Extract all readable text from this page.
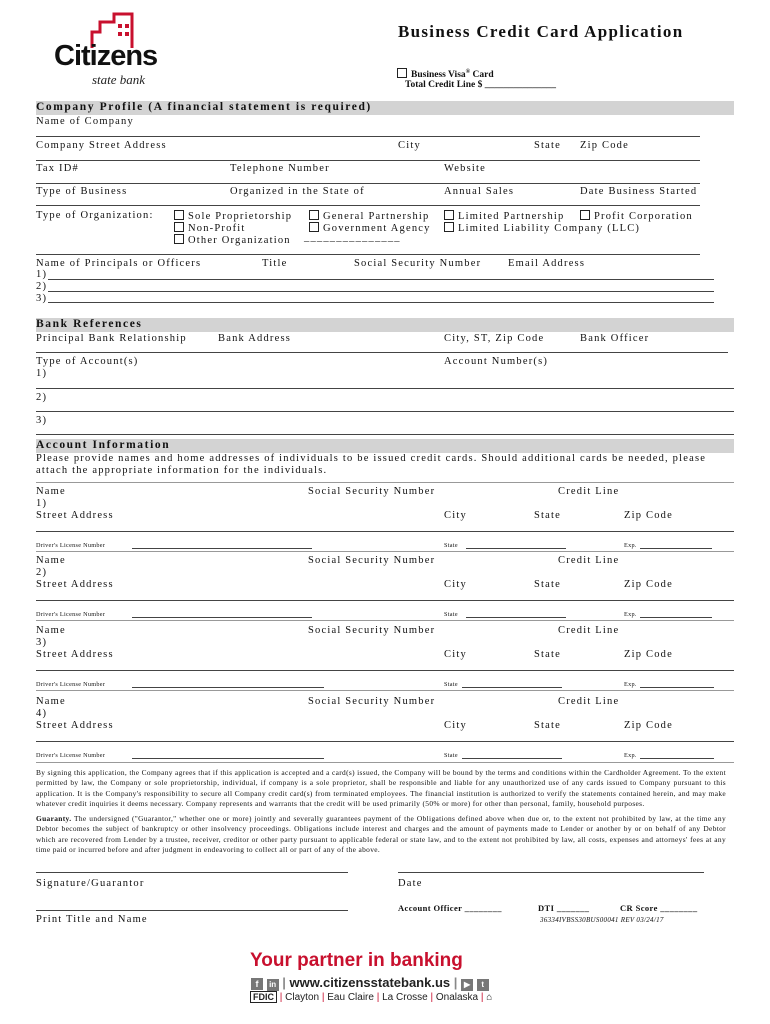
Citizens
state bank
Business Credit Card Application
Business Visa® Card
Total Credit Line $ _______________
Company Profile (A financial statement is required)
Name of Company
Company Street Address	City	State Zip Code
Tax ID#	Telephone Number	Website
Type of Business	Organized in the State of	Annual Sales	Date Business Started
Type of Organization:	Sole Proprietorship	General Partnership	Limited Partnership	Profit Corporation
Non-Profit	Government Agency	Limited Liability Company (LLC)
Other Organization _______________
Name of Principals or Officers	Title	Social Security Number	Email Address
1)
2)
3)
Bank References
Principal Bank Relationship	Bank Address	City, ST, Zip Code	Bank Officer
Type of Account(s)	Account Number(s)
1)
2)
3)
Account Information
Please provide names and home addresses of individuals to be issued credit cards. Should additional cards be needed, please attach the appropriate information for the individuals.
Name	Social Security Number	Credit Line
1)
Street Address	City	State	Zip Code
Driver's License Number	State	Exp.
Name	Social Security Number	Credit Line
2)
Street Address	City	State	Zip Code
Driver's License Number	State	Exp.
Name	Social Security Number	Credit Line
3)
Street Address	City	State	Zip Code
Driver's License Number	State	Exp.
Name	Social Security Number	Credit Line
4)
Street Address	City	State	Zip Code
Driver's License Number	State	Exp.
By signing this application, the Company agrees that if this application is accepted and a card(s) issued, the Company will be bound by the terms and conditions within the Cardholder Agreement. To the extent permitted by law, the Company or sole proprietorship, individual, if company is a sole proprietor, shall be responsible and liable for any unauthorized use of any cards issued to Company pursuant to this application. It is the Company's responsibility to secure all Company credit card(s) from terminated employees. The financial institution is authorized to verify the statements contained herein, and may make whatever credit inquiries it deems necessary. Company represents and warrants that the credit will be used primarily (50% or more) for other than personal, family, household purposes.
Guaranty. The undersigned ("Guarantor," whether one or more) jointly and severally guarantees payment of the Obligations defined above when due or, to the extent not prohibited by law, at the time any Debtor becomes the subject of bankruptcy or other insolvency proceedings. Obligations include interest and charges and the amount of payments made to Lender or another by or on behalf of any Debtor which are recovered from Lender by a trustee, receiver, creditor or other party pursuant to applicable federal or state law, and to the extent not prohibited by law, all costs, expenses and attorneys' fees at any time paid or incurred before and after judgment in endeavoring to collect all or part of any of the above.
Signature/Guarantor	Date
Print Title and Name
Account Officer ________	DTI _______	CR Score ________
36334IVBSS30BUS00041 REV 03/24/17
Your partner in banking
f in | www.citizensstatebank.us | ▶ t
FDIC | Clayton | Eau Claire | La Crosse | Onalaska | ⌂
